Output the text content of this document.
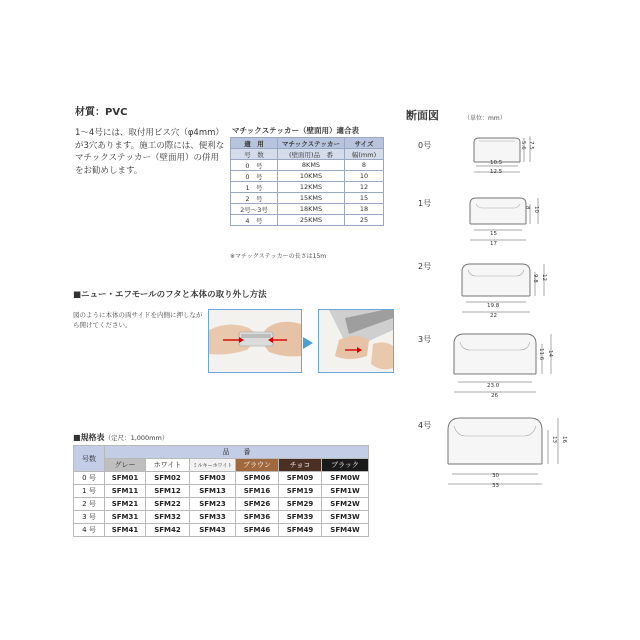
材質：PVC
1～4号には、取付用ビス穴（φ4mm）が3穴あります。施工の際には、便利なマチックステッカー（壁面用）の併用をお勧めします。
マチックステッカー（壁面用）適合表
適　用	マチックステッカー	サイズ
号　数	(壁面用)品　番	幅(mm)
0　号	8KMS	8
0　号	10KMS	10
1　号	12KMS	12
2　号	15KMS	15
2号～3号	18KMS	18
4　号	25KMS	25
※マチックステッカーの長さは15m
■ニュー・エフモールのフタと本体の取り外し方法
図のように本体の両サイドを内側に押しながら開けてください。
■規格表（定尺：1,000mm）
号数	品　　番					
	グレー	ホワイト	ミルキーホワイト	ブラウン	チョコ	ブラック
0 号	SFM01	SFM02	SFM03	SFM06	SFM09	SFM0W
1 号	SFM11	SFM12	SFM13	SFM16	SFM19	SFM1W
2 号	SFM21	SFM22	SFM23	SFM26	SFM29	SFM2W
3 号	SFM31	SFM32	SFM33	SFM36	SFM39	SFM3W
4 号	SFM41	SFM42	SFM43	SFM46	SFM49	SFM4W
断面図	（単位：mm）
0号
10.5
12.5
5.6 7.5
1号
15
17
8 10
2号
19.8
22
9.8 12
3号
23.0
26
11.6 14
4号
30
33
13 16
